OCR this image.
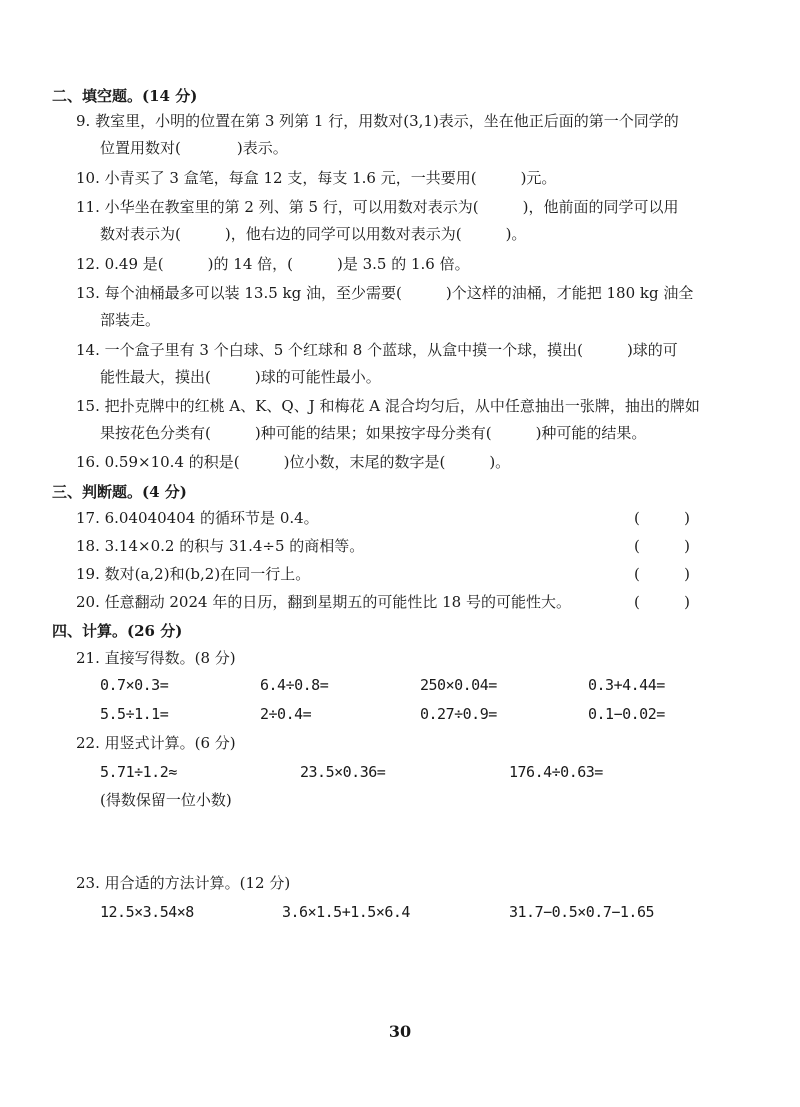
二、填空题。(14 分)
9. 教室里，小明的位置在第 3 列第 1 行，用数对(3,1)表示，坐在他正后面的第一个同学的
位置用数对(	)表示。
10. 小青买了 3 盒笔，每盒 12 支，每支 1.6 元，一共要用(	)元。
11. 小华坐在教室里的第 2 列、第 5 行，可以用数对表示为(	)，他前面的同学可以用
数对表示为(	)，他右边的同学可以用数对表示为(	)。
12. 0.49 是(	)的 14 倍，(	)是 3.5 的 1.6 倍。
13. 每个油桶最多可以装 13.5 kg 油，至少需要(	)个这样的油桶，才能把 180 kg 油全
部装走。
14. 一个盒子里有 3 个白球、5 个红球和 8 个蓝球，从盒中摸一个球，摸出(	)球的可
能性最大，摸出(	)球的可能性最小。
15. 把扑克牌中的红桃 A、K、Q、J 和梅花 A 混合均匀后，从中任意抽出一张牌，抽出的牌如
果按花色分类有(	)种可能的结果；如果按字母分类有(	)种可能的结果。
16. 0.59×10.4 的积是(	)位小数，末尾的数字是(	)。
三、判断题。(4 分)
17. 6.04040404 的循环节是 0.4。	(	)
18. 3.14×0.2 的积与 31.4÷5 的商相等。	(	)
19. 数对(a,2)和(b,2)在同一行上。	(	)
20. 任意翻动 2024 年的日历，翻到星期五的可能性比 18 号的可能性大。	(	)
四、计算。(26 分)
21. 直接写得数。(8 分)
0.7×0.3=	6.4÷0.8=	250×0.04=	0.3+4.44=
5.5÷1.1=	2÷0.4=	0.27÷0.9=	0.1−0.02=
22. 用竖式计算。(6 分)
5.71÷1.2≈	23.5×0.36=	176.4÷0.63=
(得数保留一位小数)
23. 用合适的方法计算。(12 分)
12.5×3.54×8	3.6×1.5+1.5×6.4	31.7−0.5×0.7−1.65
30
